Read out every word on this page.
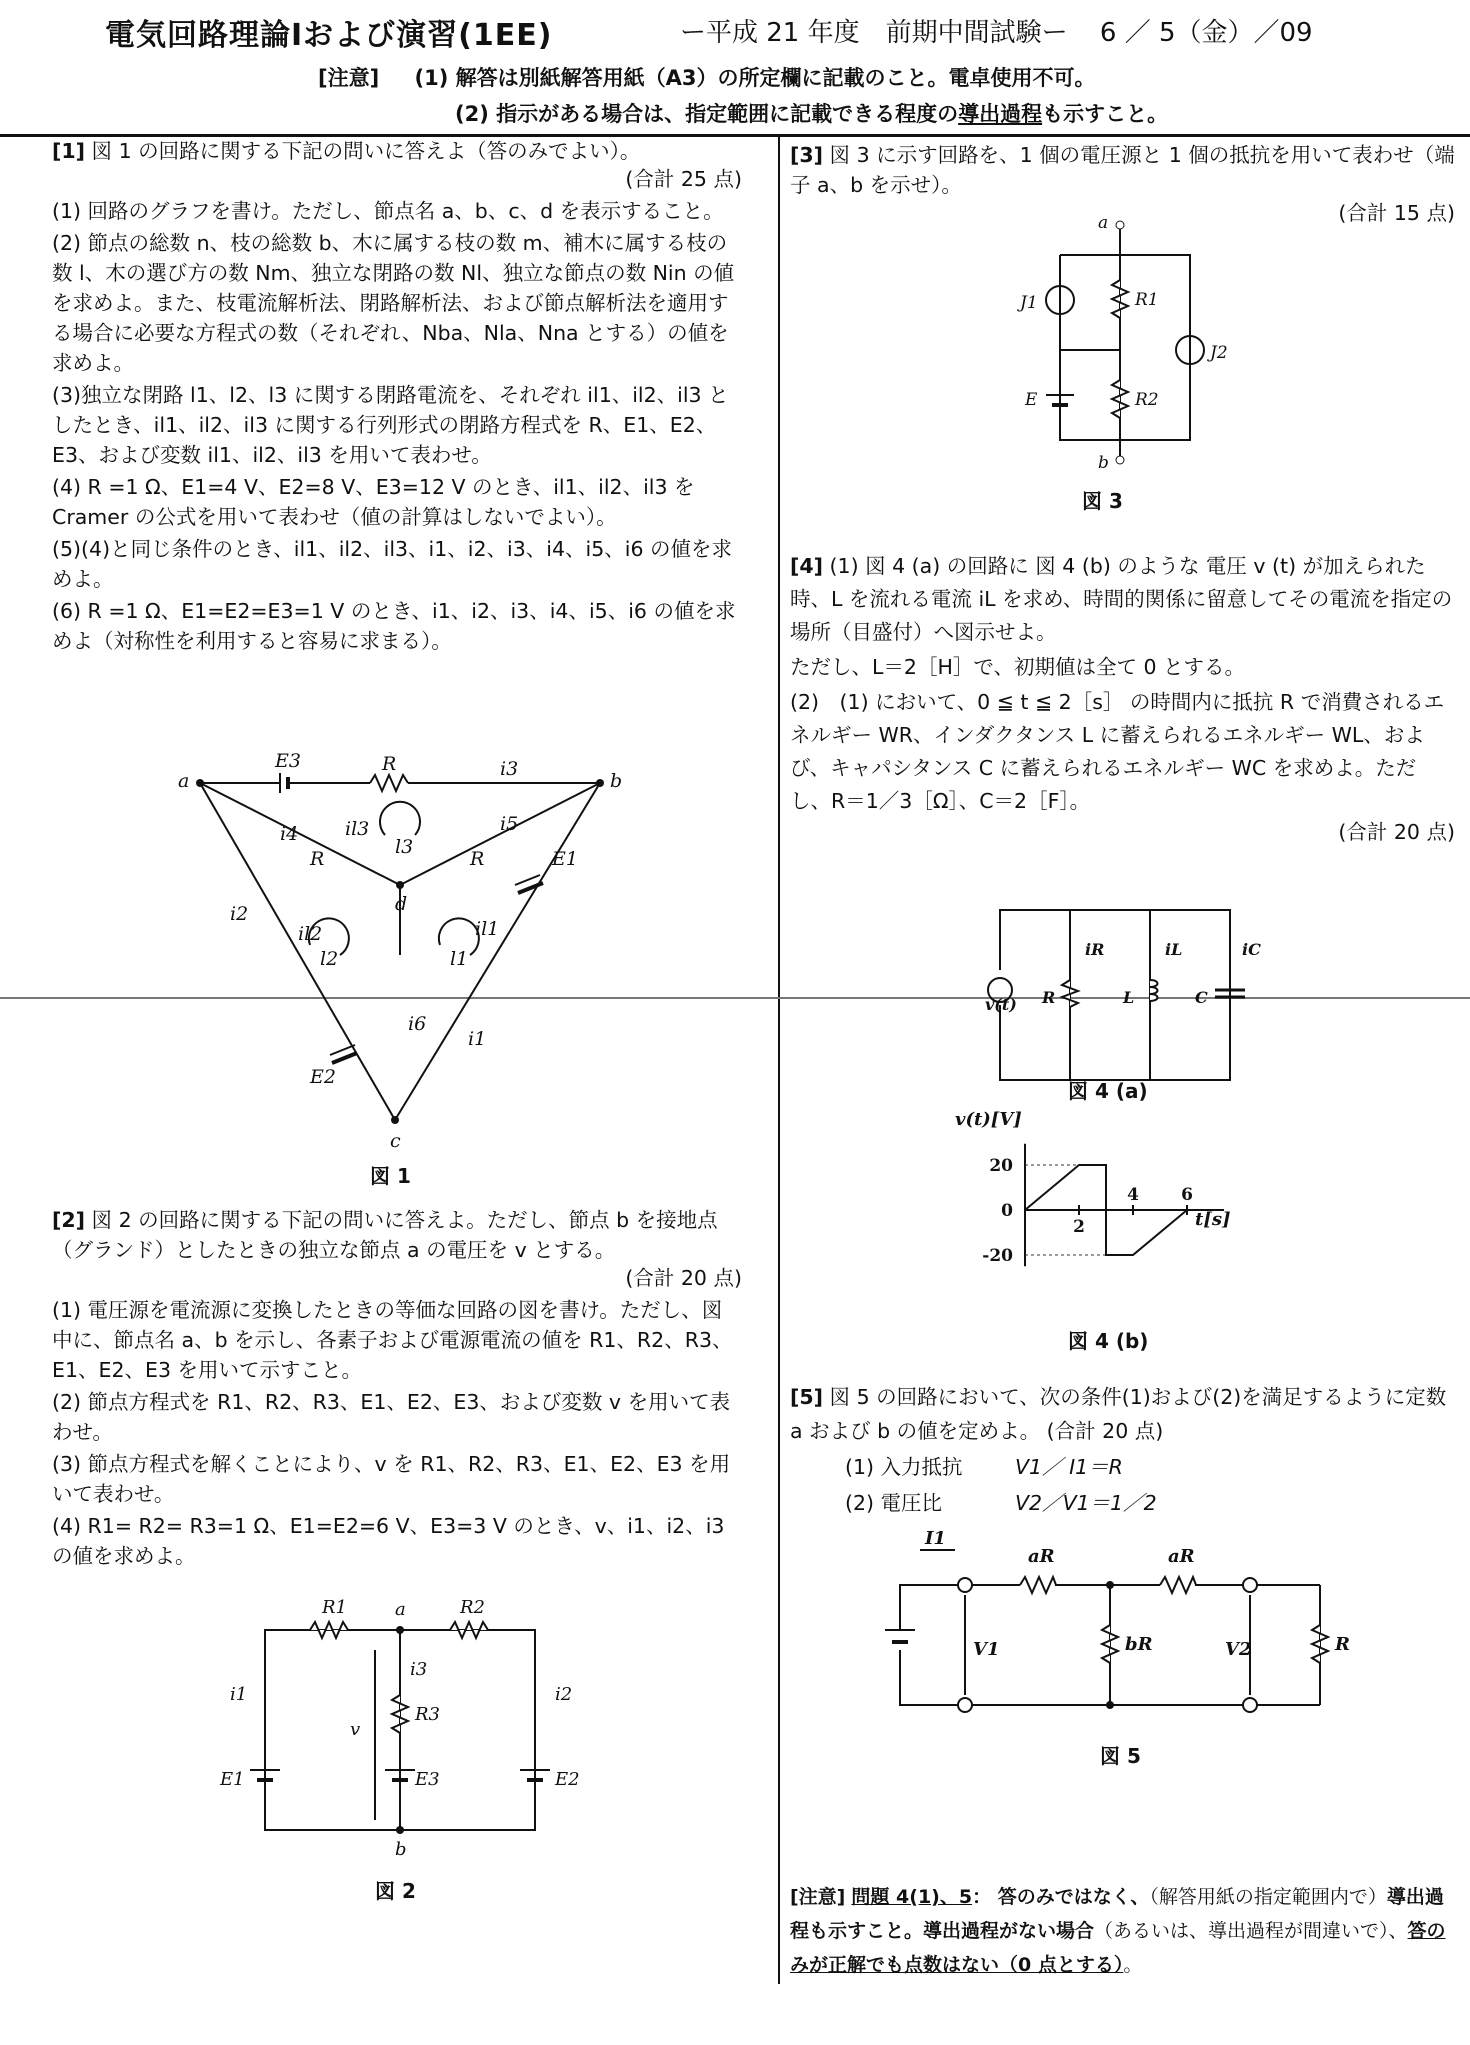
電気回路理論Ⅰおよび演習(1EE)	ー平成 21 年度　前期中間試験ー 6 ／ 5（金）／09
[注意] (1) 解答は別紙解答用紙（A3）の所定欄に記載のこと。電卓使用不可。
(2) 指示がある場合は、指定範囲に記載できる程度の導出過程も示すこと。

[1] 図 1 の回路に関する下記の問いに答えよ（答のみでよい）。

(合計 25 点)

(1) 回路のグラフを書け。ただし、節点名 a、b、c、d を表示すること。

(2) 節点の総数 n、枝の総数 b、木に属する枝の数 m、補木に属する枝の数 l、木の選び方の数 Nm、独立な閉路の数 Nl、独立な節点の数 Nin の値を求めよ。また、枝電流解析法、閉路解析法、および節点解析法を適用する場合に必要な方程式の数（それぞれ、Nba、Nla、Nna とする）の値を求めよ。

(3)独立な閉路 l1、l2、l3 に関する閉路電流を、それぞれ il1、il2、il3 としたとき、il1、il2、il3 に関する行列形式の閉路方程式を R、E1、E2、E3、および変数 il1、il2、il3 を用いて表わせ。

(4) R =1 Ω、E1=4 V、E2=8 V、E3=12 V のとき、il1、il2、il3 を Cramer の公式を用いて表わせ（値の計算はしないでよい）。

(5)(4)と同じ条件のとき、il1、il2、il3、i1、i2、i3、i4、i5、i6 の値を求めよ。

(6) R =1 Ω、E1=E2=E3=1 V のとき、i1、i2、i3、i4、i5、i6 の値を求めよ（対称性を利用すると容易に求まる）。

a	b
c
d
E3
E1
E2
R
R	R
i3
i4	i5
i2
i1
i6
il3
il2	il1
l3
l2	l1
図 1

[2] 図 2 の回路に関する下記の問いに答えよ。ただし、節点 b を接地点（グランド）としたときの独立な節点 a の電圧を v とする。

(合計 20 点)

(1) 電圧源を電流源に変換したときの等価な回路の図を書け。ただし、図中に、節点名 a、b を示し、各素子および電源電流の値を R1、R2、R3、E1、E2、E3 を用いて示すこと。

(2) 節点方程式を R1、R2、R3、E1、E2、E3、および変数 v を用いて表わせ。

(3) 節点方程式を解くことにより、v を R1、R2、R3、E1、E2、E3 を用いて表わせ。

(4) R1= R2= R3=1 Ω、E1=E2=6 V、E3=3 V のとき、v、i1、i2、i3 の値を求めよ。

a
b
R1	R2
R3
E1	E2
E3
i1	i2
i3
v
図 2

[3] 図 3 に示す回路を、1 個の電圧源と 1 個の抵抗を用いて表わせ（端子 a、b を示せ）。

(合計 15 点)

a
b
J1
J2
R1
R2
E
図 3

[4] (1) 図 4 (a) の回路に 図 4 (b) のような 電圧 v (t) が加えられた時、L を流れる電流 iL を求め、時間的関係に留意してその電流を指定の場所（目盛付）へ図示せよ。

ただし、L＝2［H］で、初期値は全て 0 とする。

(2)　(1) において、0 ≦ t ≦ 2［s］ の時間内に抵抗 R で消費されるエネルギー WR、インダクタンス L に蓄えられるエネルギー WL、および、キャパシタンス C に蓄えられるエネルギー WC を求めよ。ただし、R＝1／3［Ω］、C＝2［F］。

(合計 20 点)

v(t) R	L	C
iR	iL	iC
図 4 (a)
v(t)[V]
t[s]
20
0
-20
2
4 6
図 4 (b)

[5] 図 5 の回路において、次の条件(1)および(2)を満足するように定数 a および b の値を定めよ。 (合計 20 点)

(1) 入力抵抗	V1／ I1＝R

(2) 電圧比	V2／V1＝1／2

I1
aR	aR
bR	R
V1	V2
図 5
[注意] 問題 4(1)、5： 答のみではなく、（解答用紙の指定範囲内で）導出過程も示すこと。導出過程がない場合（あるいは、導出過程が間違いで）、答のみが正解でも点数はない（0 点とする）。
